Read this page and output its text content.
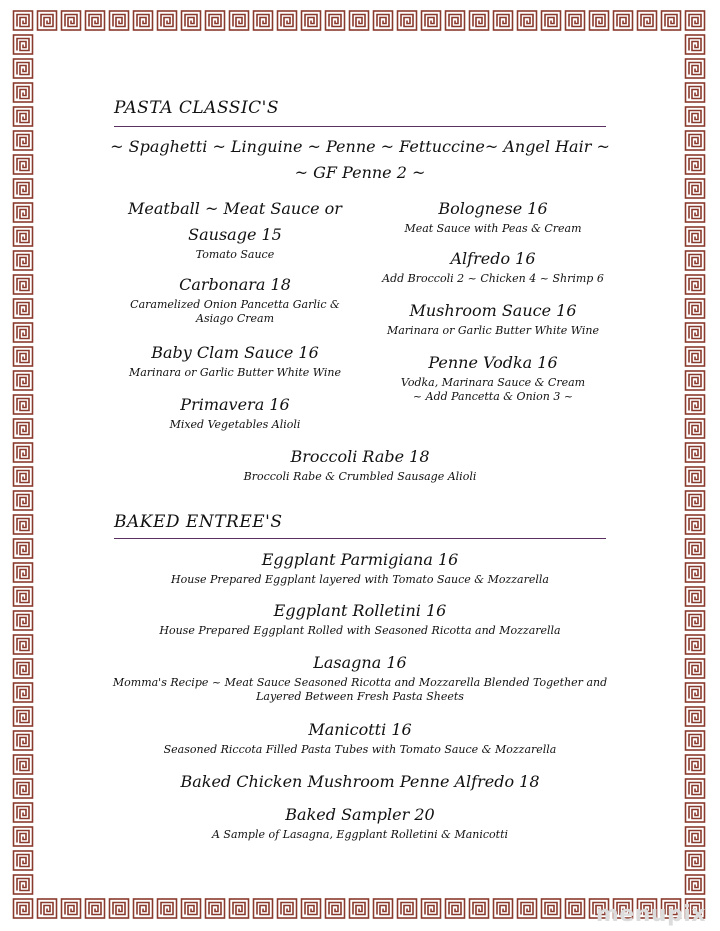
PASTA CLASSIC'S
~ Spaghetti ~ Linguine ~ Penne ~ Fettuccine~ Angel Hair ~
~ GF Penne 2 ~
Meatball ~ Meat Sauce or
Sausage 15
Tomato Sauce
Carbonara 18
Caramelized Onion Pancetta Garlic &
Asiago Cream
Baby Clam Sauce 16
Marinara or Garlic Butter White Wine
Primavera 16
Mixed Vegetables Alioli
Bolognese 16
Meat Sauce with Peas & Cream
Alfredo 16
Add Broccoli 2 ~ Chicken 4 ~ Shrimp 6
Mushroom Sauce 16
Marinara or Garlic Butter White Wine
Penne Vodka 16
Vodka, Marinara Sauce & Cream
~ Add Pancetta & Onion 3 ~
Broccoli Rabe 18
Broccoli Rabe & Crumbled Sausage Alioli
BAKED ENTREE'S
Eggplant Parmigiana 16
House Prepared Eggplant layered with Tomato Sauce & Mozzarella
Eggplant Rolletini 16
House Prepared Eggplant Rolled with Seasoned Ricotta and Mozzarella
Lasagna 16
Momma's Recipe ~ Meat Sauce Seasoned Ricotta and Mozzarella Blended Together and
Layered Between Fresh Pasta Sheets
Manicotti 16
Seasoned Riccota Filled Pasta Tubes with Tomato Sauce & Mozzarella
Baked Chicken Mushroom Penne Alfredo 18
Baked Sampler 20
A Sample of Lasagna, Eggplant Rolletini & Manicotti
menupix
